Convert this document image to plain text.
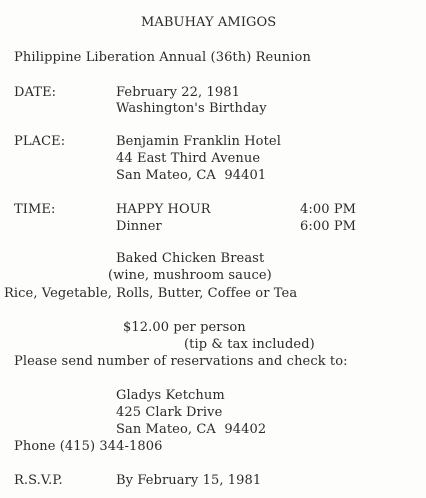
MABUHAY AMIGOS
Philippine Liberation Annual (36th) Reunion
DATE:	February 22, 1981
Washington's Birthday
PLACE:	Benjamin Franklin Hotel
44 East Third Avenue
San Mateo, CA  94401
TIME:	HAPPY HOUR	4:00 PM
Dinner	6:00 PM
Baked Chicken Breast
(wine, mushroom sauce)
Rice, Vegetable, Rolls, Butter, Coffee or Tea
$12.00 per person
(tip & tax included)
Please send number of reservations and check to:
Gladys Ketchum
425 Clark Drive
San Mateo, CA  94402
Phone (415) 344-1806
R.S.V.P.	By February 15, 1981
